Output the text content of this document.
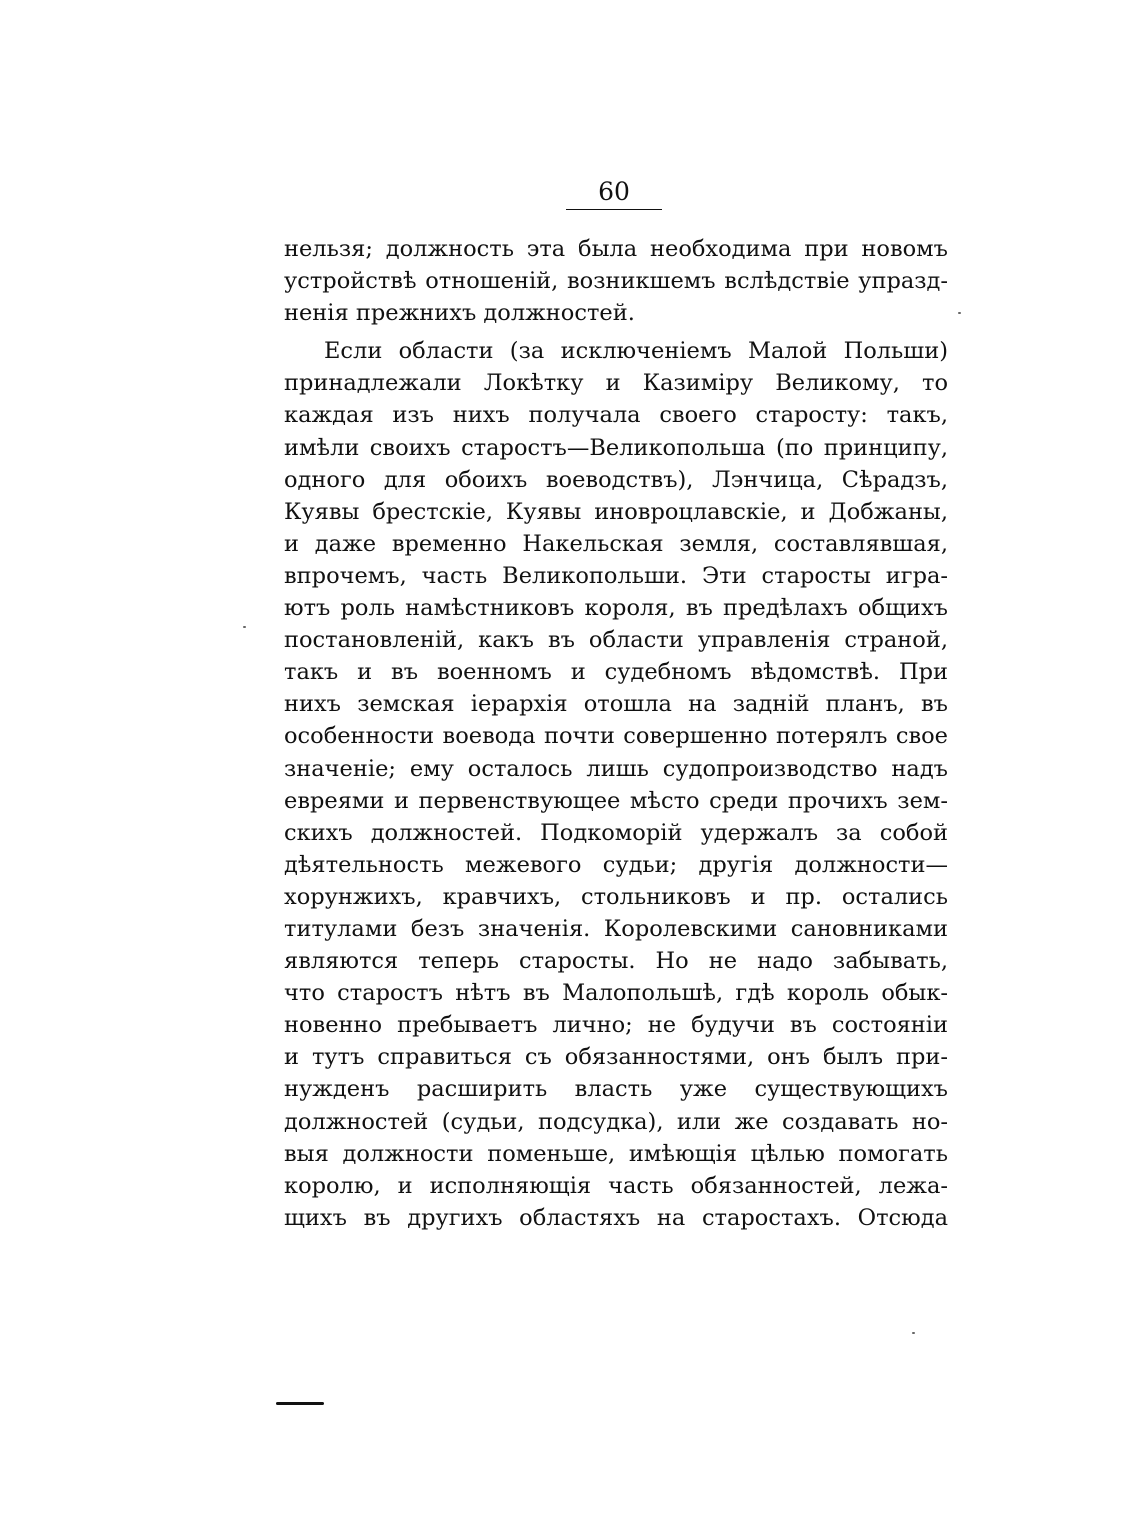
60
нельзя; должность эта была необходима при новомъ
устройствѣ отношеній, возникшемъ вслѣдствіе упразд-
ненія прежнихъ должностей.
Если области (за исключеніемъ Малой Польши)
принадлежали Локѣтку и Казиміру Великому, то
каждая изъ нихъ получала своего старосту: такъ,
имѣли своихъ старостъ—Великопольша (по принципу,
одного для обоихъ воеводствъ), Лэнчица, Сѣрадзъ,
Куявы брестскіе, Куявы иновроцлавскіе, и Добжаны,
и даже временно Накельская земля, составлявшая,
впрочемъ, часть Великопольши. Эти старосты игра-
ютъ роль намѣстниковъ короля, въ предѣлахъ общихъ
постановленій, какъ въ области управленія страной,
такъ и въ военномъ и судебномъ вѣдомствѣ. При
нихъ земская іерархія отошла на задній планъ, въ
особенности воевода почти совершенно потерялъ свое
значеніе; ему осталось лишь судопроизводство надъ
евреями и первенствующее мѣсто среди прочихъ зем-
скихъ должностей. Подкоморій удержалъ за собой
дѣятельность межевого судьи; другія должности—
хорунжихъ, кравчихъ, стольниковъ и пр. остались
титулами безъ значенія. Королевскими сановниками
являются теперь старосты. Но не надо забывать,
что старостъ нѣтъ въ Малопольшѣ, гдѣ король обык-
новенно пребываетъ лично; не будучи въ состояніи
и тутъ справиться съ обязанностями, онъ былъ при-
нужденъ расширить власть уже существующихъ
должностей (судьи, подсудка), или же создавать но-
выя должности поменьше, имѣющія цѣлью помогать
королю, и исполняющія часть обязанностей, лежа-
щихъ въ другихъ областяхъ на старостахъ. Отсюда
